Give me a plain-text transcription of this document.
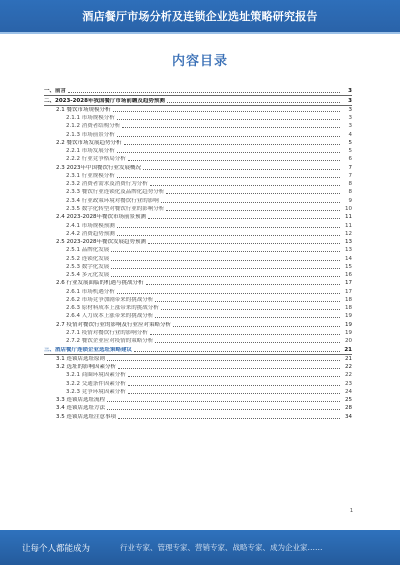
酒店餐厅市场分析及连锁企业选址策略研究报告
内容目录
一、前言	3
二、2023-2028年我国餐厅市场前瞻及趋势预测	3
2.1 餐饮市场规模分析	3
2.1.1 市场规模分析	3
2.1.2 消费者结构分析	3
2.1.3 市场前景分析	4
2.2 餐饮市场发展趋势分析	5
2.2.1 市场发展分析	5
2.2.2 行业竞争格局分析	6
2.3 2023年中国餐饮行业发展概况	7
2.3.1 行业规模分析	7
2.3.2 消费者需求及消费行为分析	8
2.3.3 餐饮行业连锁化及品牌化趋势分析	8
2.3.4 行业政策环境对餐饮行业的影响	9
2.3.5 数字化转型对餐饮行业的影响分析	10
2.4 2023-2028年餐饮市场前景预测	11
2.4.1 市场规模预测	11
2.4.2 消费趋势预测	12
2.5 2023-2028年餐饮发展趋势预测	13
2.5.1 品牌化发展	13
2.5.2 连锁化发展	14
2.5.3 数字化发展	15
2.5.4 多元化发展	16
2.6 行业发展面临的机遇与挑战分析	17
2.6.1 市场机遇分析	17
2.6.2 市场竞争加剧带来的挑战分析	18
2.6.3 原材料成本上涨带来的挑战分析	18
2.6.4 人力成本上涨带来的挑战分析	19
2.7 疫情对餐饮行业的影响及行业应对策略分析	19
2.7.1 疫情对餐饮行业的影响分析	19
2.7.2 餐饮企业应对疫情的策略分析	20
三、酒店餐厅连锁企业选址策略建议	21
3.1 连锁店选址原则	21
3.2 选址的影响因素分析	22
3.2.1 商圈环境因素分析	22
3.2.2 交通条件因素分析	23
3.2.3 竞争环境因素分析	24
3.3 连锁店选址流程	25
3.4 连锁店选址方法	28
3.5 连锁店选址注意事项	34
1
让每个人都能成为	行业专家、管理专家、营销专家、战略专家、成为企业家……
